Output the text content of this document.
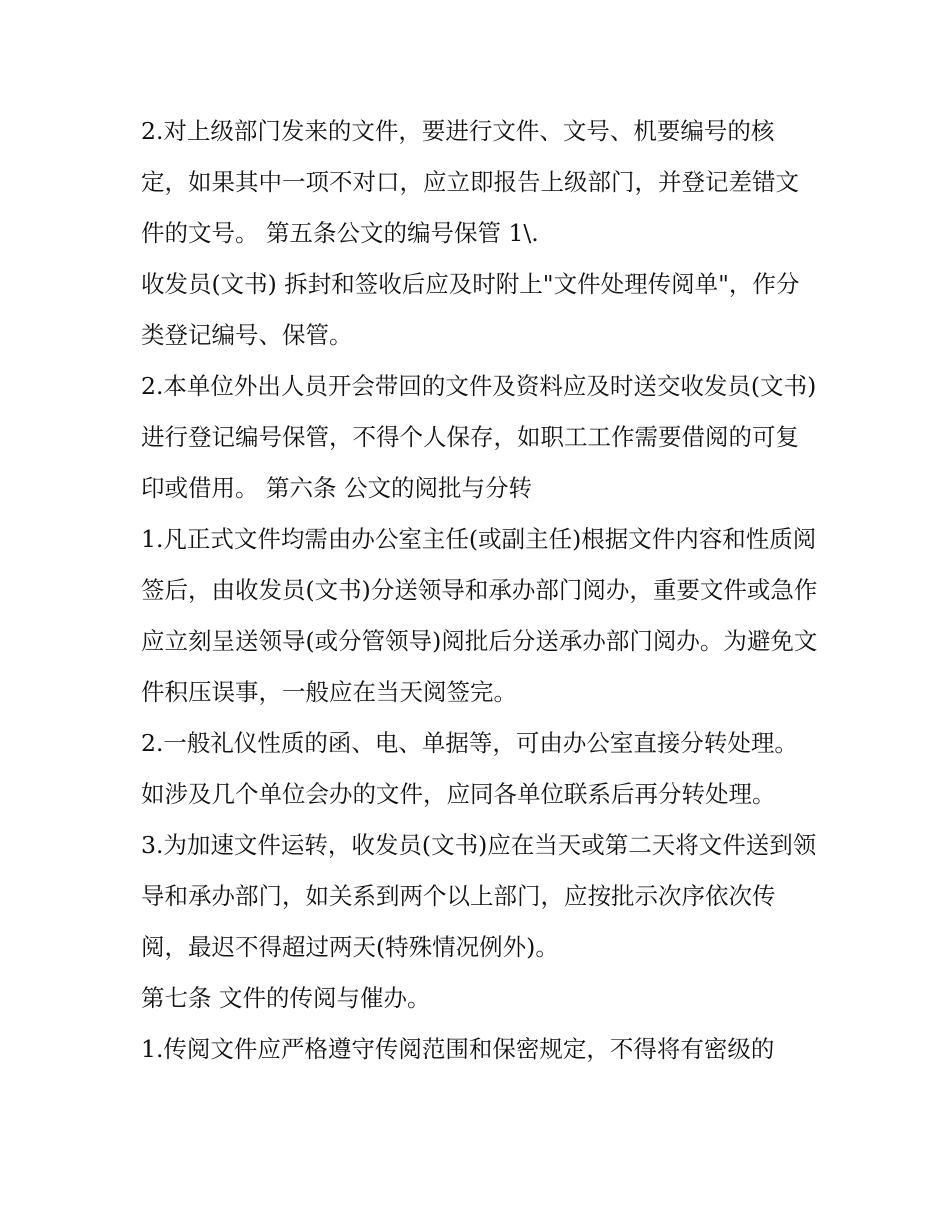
2.对上级部门发来的文件，要进行文件、文号、机要编号的核定，如果其中一项不对口，应立即报告上级部门，并登记差错文件的文号。 第五条公文的编号保管 1\.

收发员(文书) 拆封和签收后应及时附上"文件处理传阅单"，作分类登记编号、保管。

2.本单位外出人员开会带回的文件及资料应及时送交收发员(文书)进行登记编号保管，不得个人保存，如职工工作需要借阅的可复印或借用。 第六条 公文的阅批与分转

1.凡正式文件均需由办公室主任(或副主任)根据文件内容和性质阅签后，由收发员(文书)分送领导和承办部门阅办，重要文件或急作应立刻呈送领导(或分管领导)阅批后分送承办部门阅办。为避免文件积压误事，一般应在当天阅签完。

2.一般礼仪性质的函、电、单据等，可由办公室直接分转处理。如涉及几个单位会办的文件，应同各单位联系后再分转处理。

3.为加速文件运转，收发员(文书)应在当天或第二天将文件送到领导和承办部门，如关系到两个以上部门，应按批示次序依次传阅，最迟不得超过两天(特殊情况例外)。

第七条 文件的传阅与催办。

1.传阅文件应严格遵守传阅范围和保密规定，不得将有密级的
